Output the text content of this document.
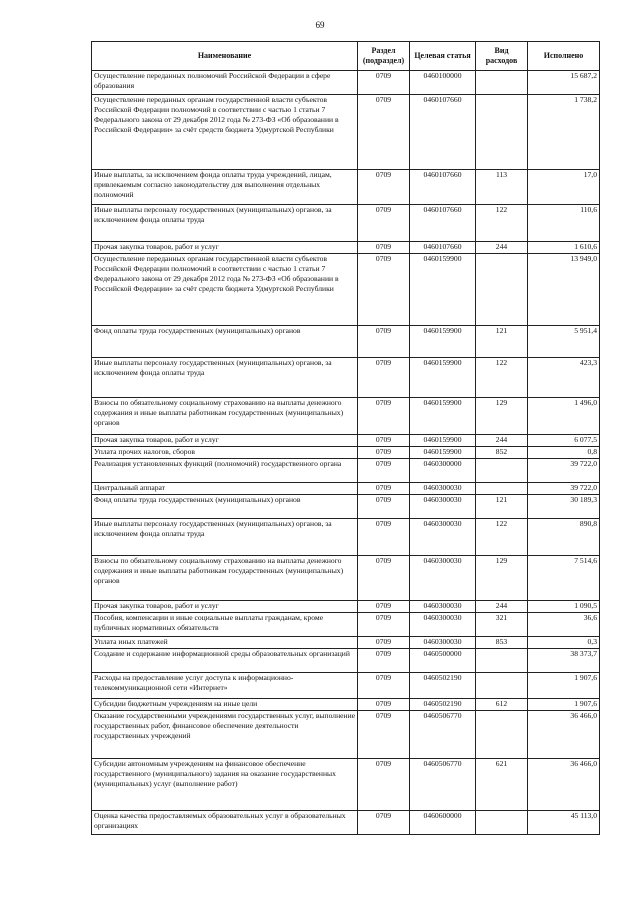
69
Наименование	Раздел (подраздел)	Целевая статья	Вид расходов	Исполнено
Осуществление переданных полномочий Российской Федерации в сфере образования	0709	0460100000		15 687,2
Осуществление переданных органам государственной власти субъектов Российской Федерации полномочий в соответствии с частью 1 статьи 7 Федерального закона от 29 декабря 2012 года № 273-ФЗ «Об образовании в Российской Федерации» за счёт средств бюджета Удмуртской Республики	0709	0460107660		1 738,2
Иные выплаты, за исключением фонда оплаты труда учреждений, лицам, привлекаемым согласно законодательству для выполнения отдельных полномочий	0709	0460107660	113	17,0
Иные выплаты персоналу государственных (муниципальных) органов, за исключением фонда оплаты труда	0709	0460107660	122	110,6
Прочая закупка товаров, работ и услуг	0709	0460107660	244	1 610,6
Осуществление переданных органам государственной власти субъектов Российской Федерации полномочий в соответствии с частью 1 статьи 7 Федерального закона от 29 декабря 2012 года № 273-ФЗ «Об образовании в Российской Федерации» за счёт средств бюджета Удмуртской Республики	0709	0460159900		13 949,0
Фонд оплаты труда государственных (муниципальных) органов	0709	0460159900	121	5 951,4
Иные выплаты персоналу государственных (муниципальных) органов, за исключением фонда оплаты труда	0709	0460159900	122	423,3
Взносы по обязательному социальному страхованию на выплаты денежного содержания и иные выплаты работникам государственных (муниципальных) органов	0709	0460159900	129	1 496,0
Прочая закупка товаров, работ и услуг	0709	0460159900	244	6 077,5
Уплата прочих налогов, сборов	0709	0460159900	852	0,8
Реализация установленных функций (полномочий) государственного органа	0709	0460300000		39 722,0
Центральный аппарат	0709	0460300030		39 722,0
Фонд оплаты труда государственных (муниципальных) органов	0709	0460300030	121	30 189,3
Иные выплаты персоналу государственных (муниципальных) органов, за исключением фонда оплаты труда	0709	0460300030	122	890,8
Взносы по обязательному социальному страхованию на выплаты денежного содержания и иные выплаты работникам государственных (муниципальных) органов	0709	0460300030	129	7 514,6
Прочая закупка товаров, работ и услуг	0709	0460300030	244	1 090,5
Пособия, компенсации и иные социальные выплаты гражданам, кроме публичных нормативных обязательств	0709	0460300030	321	36,6
Уплата иных платежей	0709	0460300030	853	0,3
Создание и содержание информационной среды образовательных организаций	0709	0460500000		38 373,7
Расходы на предоставление услуг доступа к информационно-телекоммуникационной сети «Интернет»	0709	0460502190		1 907,6
Субсидии бюджетным учреждениям на иные цели	0709	0460502190	612	1 907,6
Оказание государственными учреждениями государственных услуг, выполнение государственных работ, финансовое обеспечение деятельности государственных учреждений	0709	0460506770		36 466,0
Субсидии автономным учреждениям на финансовое обеспечение государственного (муниципального) задания на оказание государственных (муниципальных) услуг (выполнение работ)	0709	0460506770	621	36 466,0
Оценка качества предоставляемых образовательных услуг в образовательных организациях	0709	0460600000		45 113,0
